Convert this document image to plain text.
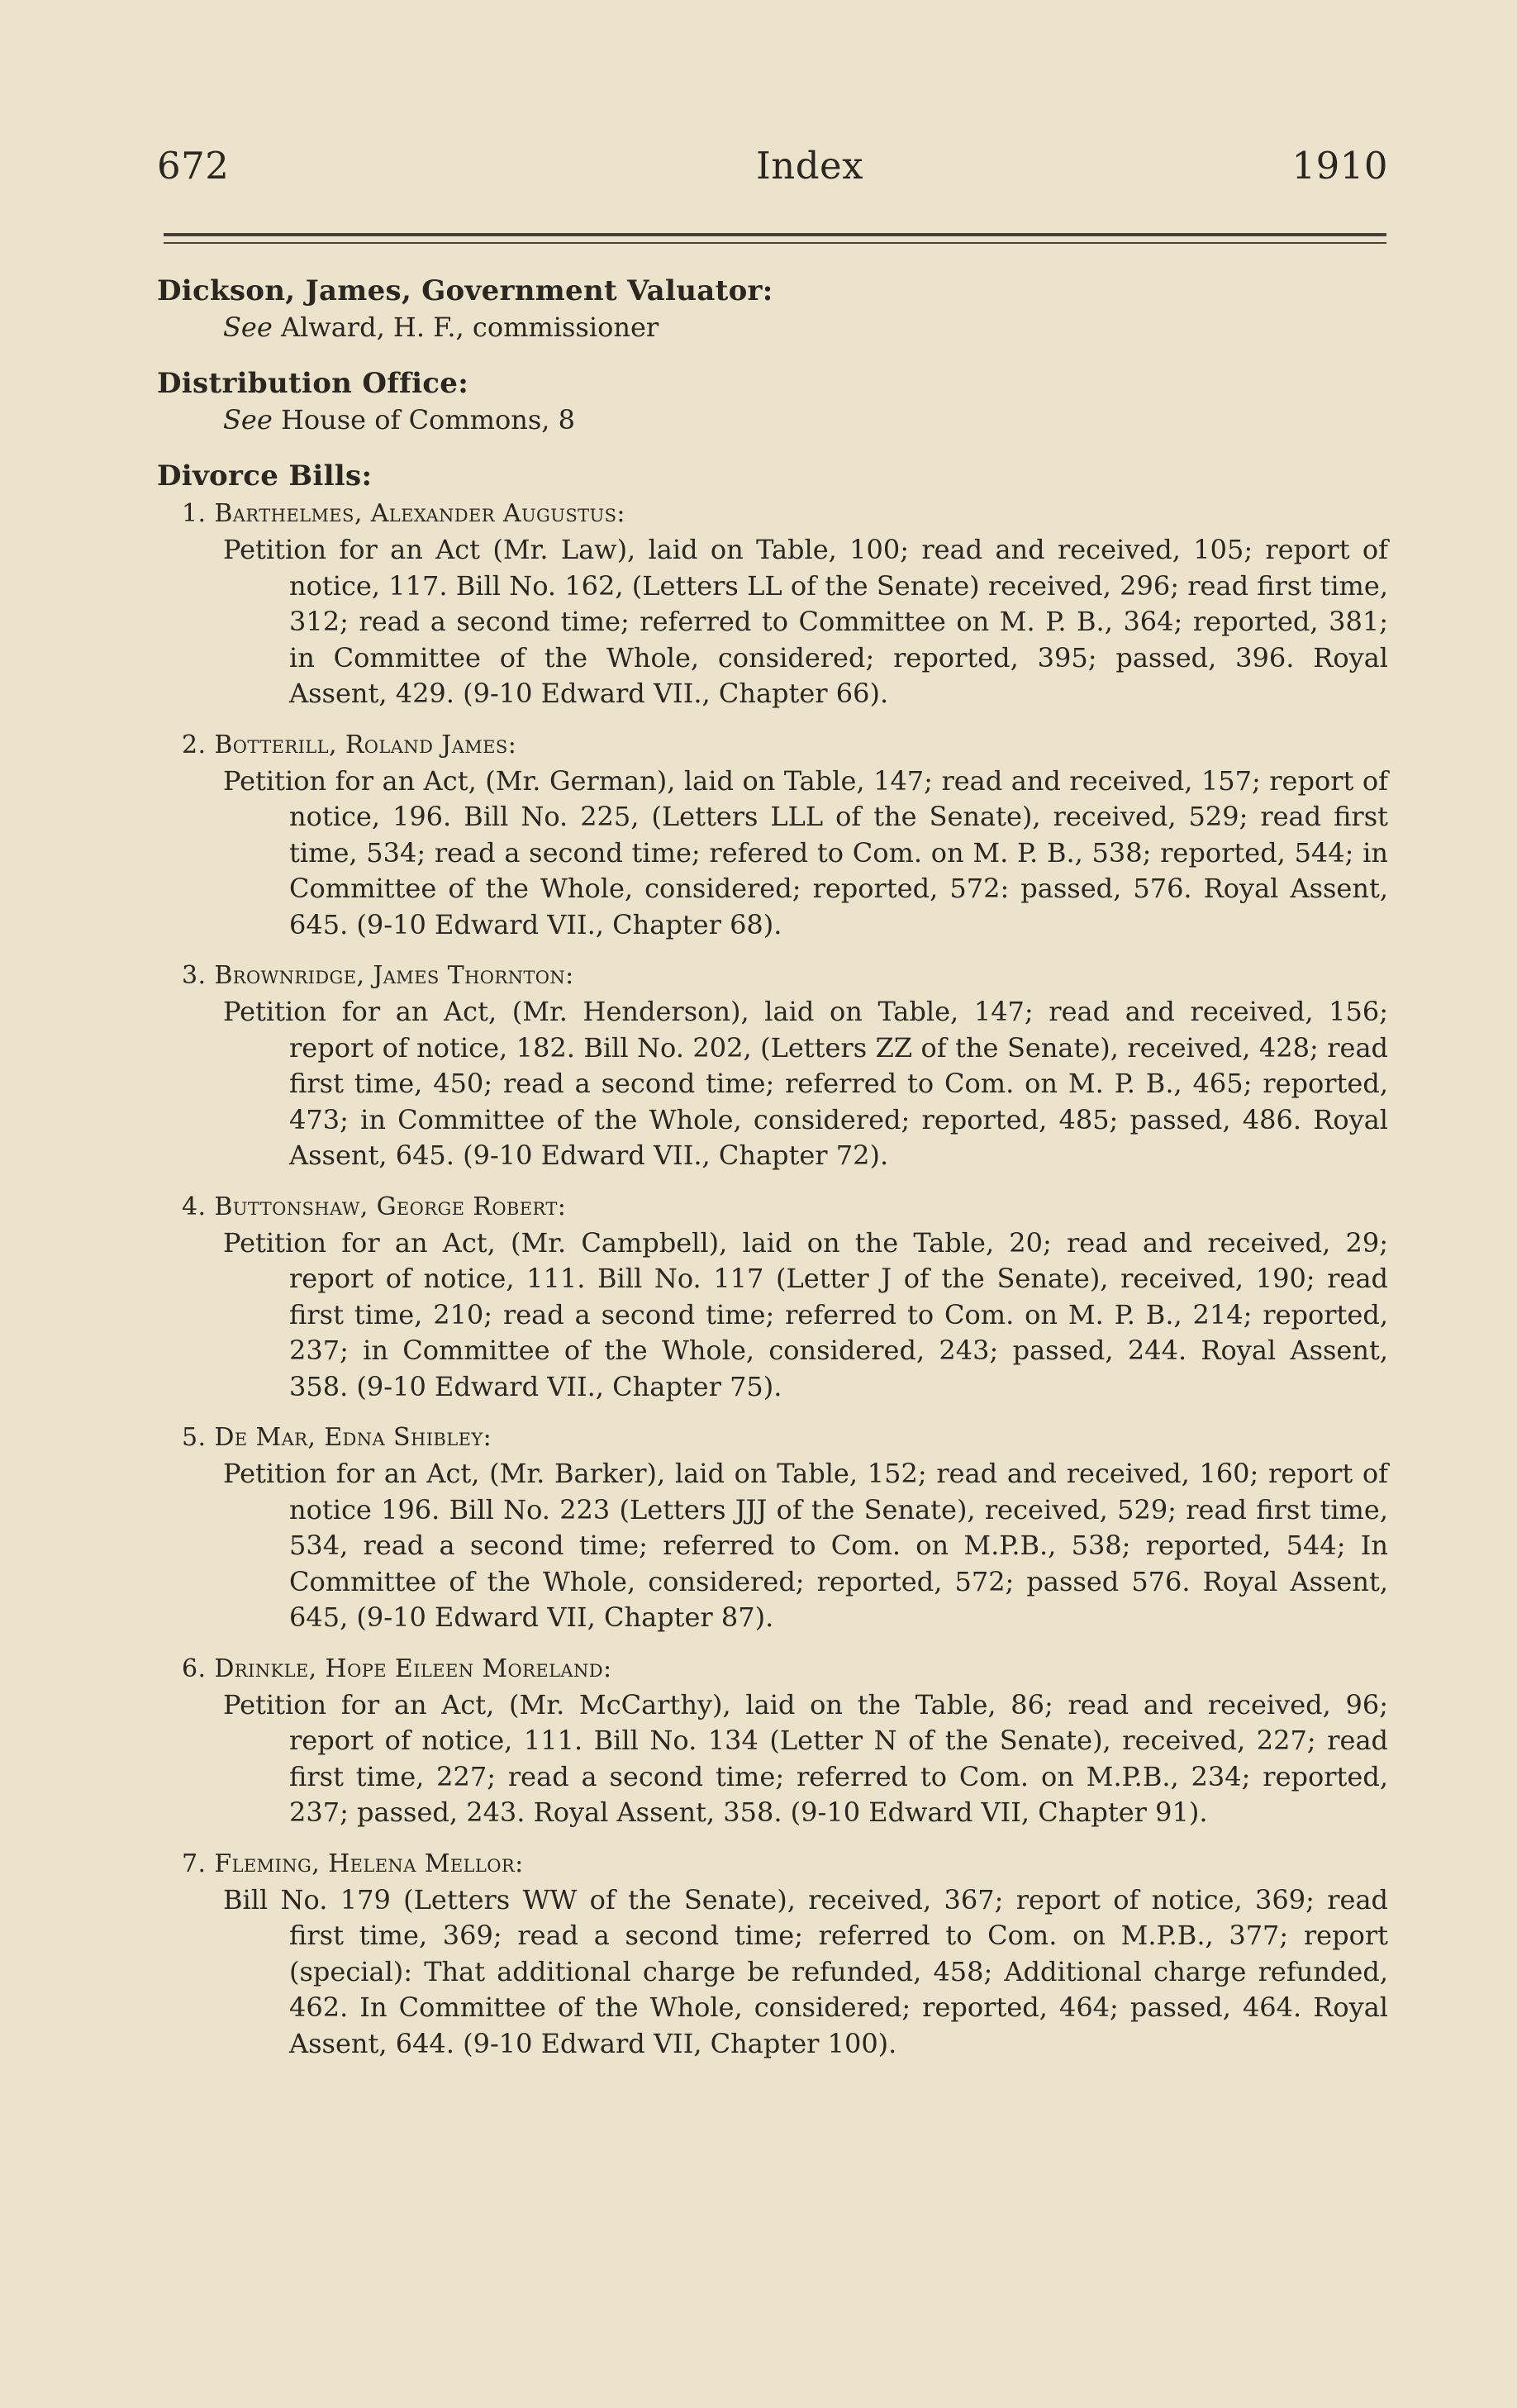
672	Index	1910
Dickson, James, Government Valuator:
See Alward, H. F., commissioner
Distribution Office:
See House of Commons, 8
Divorce Bills:
1. Barthelmes, Alexander Augustus:
Petition for an Act (Mr. Law), laid on Table, 100; read and received, 105; report of notice, 117. Bill No. 162, (Letters LL of the Senate) received, 296; read first time, 312; read a second time; referred to Committee on M. P. B., 364; reported, 381; in Committee of the Whole, considered; reported, 395; passed, 396. Royal Assent, 429. (9-10 Edward VII., Chapter 66).
2. Botterill, Roland James:
Petition for an Act, (Mr. German), laid on Table, 147; read and received, 157; report of notice, 196. Bill No. 225, (Letters LLL of the Senate), received, 529; read first time, 534; read a second time; refered to Com. on M. P. B., 538; reported, 544; in Committee of the Whole, considered; reported, 572: passed, 576. Royal Assent, 645. (9-10 Edward VII., Chapter 68).
3. Brownridge, James Thornton:
Petition for an Act, (Mr. Henderson), laid on Table, 147; read and received, 156; report of notice, 182. Bill No. 202, (Letters ZZ of the Senate), received, 428; read first time, 450; read a second time; referred to Com. on M. P. B., 465; reported, 473; in Committee of the Whole, considered; reported, 485; passed, 486. Royal Assent, 645. (9-10 Edward VII., Chapter 72).
4. Buttonshaw, George Robert:
Petition for an Act, (Mr. Campbell), laid on the Table, 20; read and received, 29; report of notice, 111. Bill No. 117 (Letter J of the Senate), received, 190; read first time, 210; read a second time; referred to Com. on M. P. B., 214; reported, 237; in Committee of the Whole, considered, 243; passed, 244. Royal Assent, 358. (9-10 Edward VII., Chapter 75).
5. De Mar, Edna Shibley:
Petition for an Act, (Mr. Barker), laid on Table, 152; read and received, 160; report of notice 196. Bill No. 223 (Letters JJJ of the Senate), received, 529; read first time, 534, read a second time; referred to Com. on M.P.B., 538; reported, 544; In Committee of the Whole, considered; reported, 572; passed 576. Royal Assent, 645, (9-10 Edward VII, Chapter 87).
6. Drinkle, Hope Eileen Moreland:
Petition for an Act, (Mr. McCarthy), laid on the Table, 86; read and received, 96; report of notice, 111. Bill No. 134 (Letter N of the Senate), received, 227; read first time, 227; read a second time; referred to Com. on M.P.B., 234; reported, 237; passed, 243. Royal Assent, 358. (9-10 Edward VII, Chapter 91).
7. Fleming, Helena Mellor:
Bill No. 179 (Letters WW of the Senate), received, 367; report of notice, 369; read first time, 369; read a second time; referred to Com. on M.P.B., 377; report (special): That additional charge be refunded, 458; Additional charge refunded, 462. In Committee of the Whole, considered; reported, 464; passed, 464. Royal Assent, 644. (9-10 Edward VII, Chapter 100).
